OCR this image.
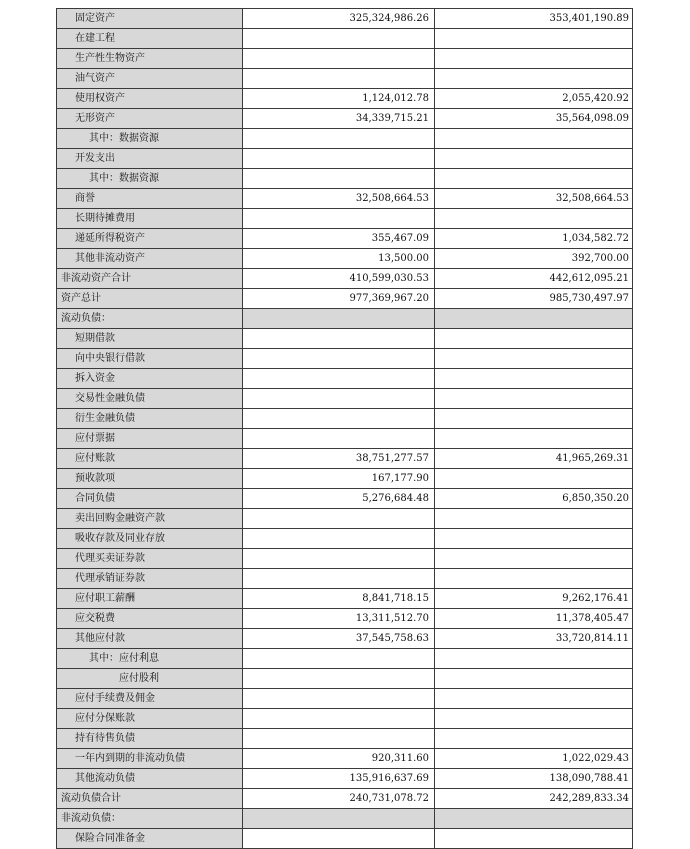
固定资产	325,324,986.26	353,401,190.89
在建工程		
生产性生物资产		
油气资产		
使用权资产	1,124,012.78	2,055,420.92
无形资产	34,339,715.21	35,564,098.09
其中：数据资源		
开发支出		
其中：数据资源		
商誉	32,508,664.53	32,508,664.53
长期待摊费用		
递延所得税资产	355,467.09	1,034,582.72
其他非流动资产	13,500.00	392,700.00
非流动资产合计	410,599,030.53	442,612,095.21
资产总计	977,369,967.20	985,730,497.97
流动负债：		
短期借款		
向中央银行借款		
拆入资金		
交易性金融负债		
衍生金融负债		
应付票据		
应付账款	38,751,277.57	41,965,269.31
预收款项	167,177.90	
合同负债	5,276,684.48	6,850,350.20
卖出回购金融资产款		
吸收存款及同业存放		
代理买卖证券款		
代理承销证券款		
应付职工薪酬	8,841,718.15	9,262,176.41
应交税费	13,311,512.70	11,378,405.47
其他应付款	37,545,758.63	33,720,814.11
其中：应付利息		
应付股利		
应付手续费及佣金		
应付分保账款		
持有待售负债		
一年内到期的非流动负债	920,311.60	1,022,029.43
其他流动负债	135,916,637.69	138,090,788.41
流动负债合计	240,731,078.72	242,289,833.34
非流动负债：		
保险合同准备金		
